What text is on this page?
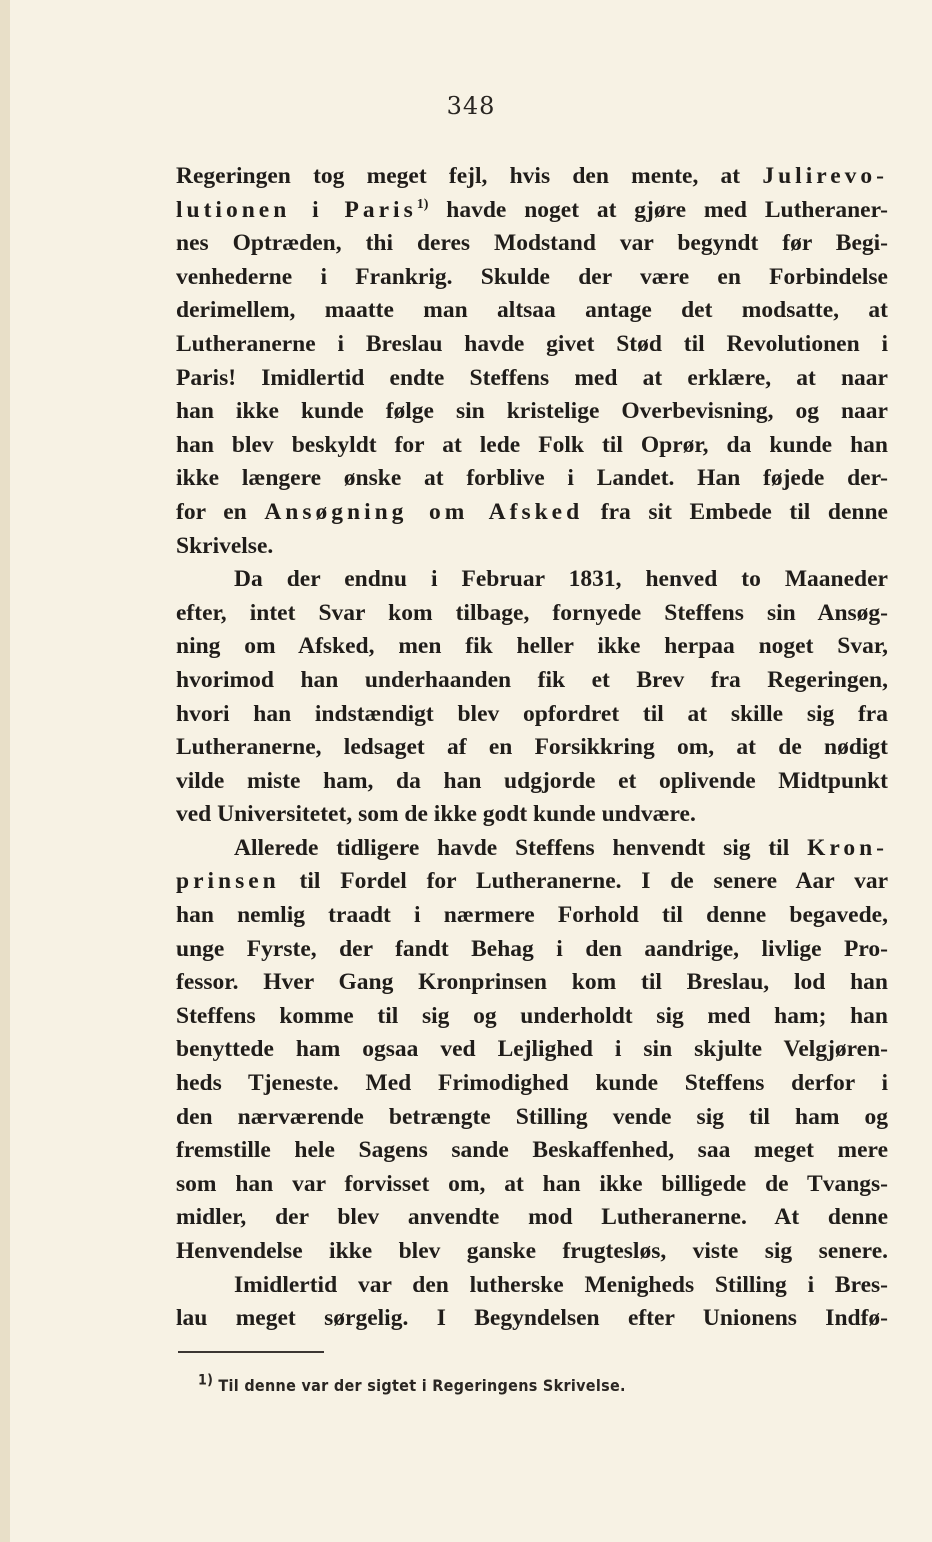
348
Regeringen tog meget fejl, hvis den mente, at Julirevo-
lutionen i Paris$^{1)}$ havde noget at gjøre med Lutheraner-
nes Optræden, thi deres Modstand var begyndt før Begi-
venhederne i Frankrig. Skulde der være en Forbindelse
derimellem, maatte man altsaa antage det modsatte, at
Lutheranerne i Breslau havde givet Stød til Revolutionen i
Paris! Imidlertid endte Steffens med at erklære, at naar
han ikke kunde følge sin kristelige Overbevisning, og naar
han blev beskyldt for at lede Folk til Oprør, da kunde han
ikke længere ønske at forblive i Landet. Han føjede der-
for en Ansøgning om Afsked fra sit Embede til denne
Skrivelse.
Da der endnu i Februar 1831, henved to Maaneder
efter, intet Svar kom tilbage, fornyede Steffens sin Ansøg-
ning om Afsked, men fik heller ikke herpaa noget Svar,
hvorimod han underhaanden fik et Brev fra Regeringen,
hvori han indstændigt blev opfordret til at skille sig fra
Lutheranerne, ledsaget af en Forsikkring om, at de nødigt
vilde miste ham, da han udgjorde et oplivende Midtpunkt
ved Universitetet, som de ikke godt kunde undvære.
Allerede tidligere havde Steffens henvendt sig til Kron-
prinsen til Fordel for Lutheranerne. I de senere Aar var
han nemlig traadt i nærmere Forhold til denne begavede,
unge Fyrste, der fandt Behag i den aandrige, livlige Pro-
fessor. Hver Gang Kronprinsen kom til Breslau, lod han
Steffens komme til sig og underholdt sig med ham; han
benyttede ham ogsaa ved Lejlighed i sin skjulte Velgjøren-
heds Tjeneste. Med Frimodighed kunde Steffens derfor i
den nærværende betrængte Stilling vende sig til ham og
fremstille hele Sagens sande Beskaffenhed, saa meget mere
som han var forvisset om, at han ikke billigede de Tvangs-
midler, der blev anvendte mod Lutheranerne. At denne
Henvendelse ikke blev ganske frugtesløs, viste sig senere.
Imidlertid var den lutherske Menigheds Stilling i Bres-
lau meget sørgelig. I Begyndelsen efter Unionens Indfø-
$^{1)}$ Til denne var der sigtet i Regeringens Skrivelse.
